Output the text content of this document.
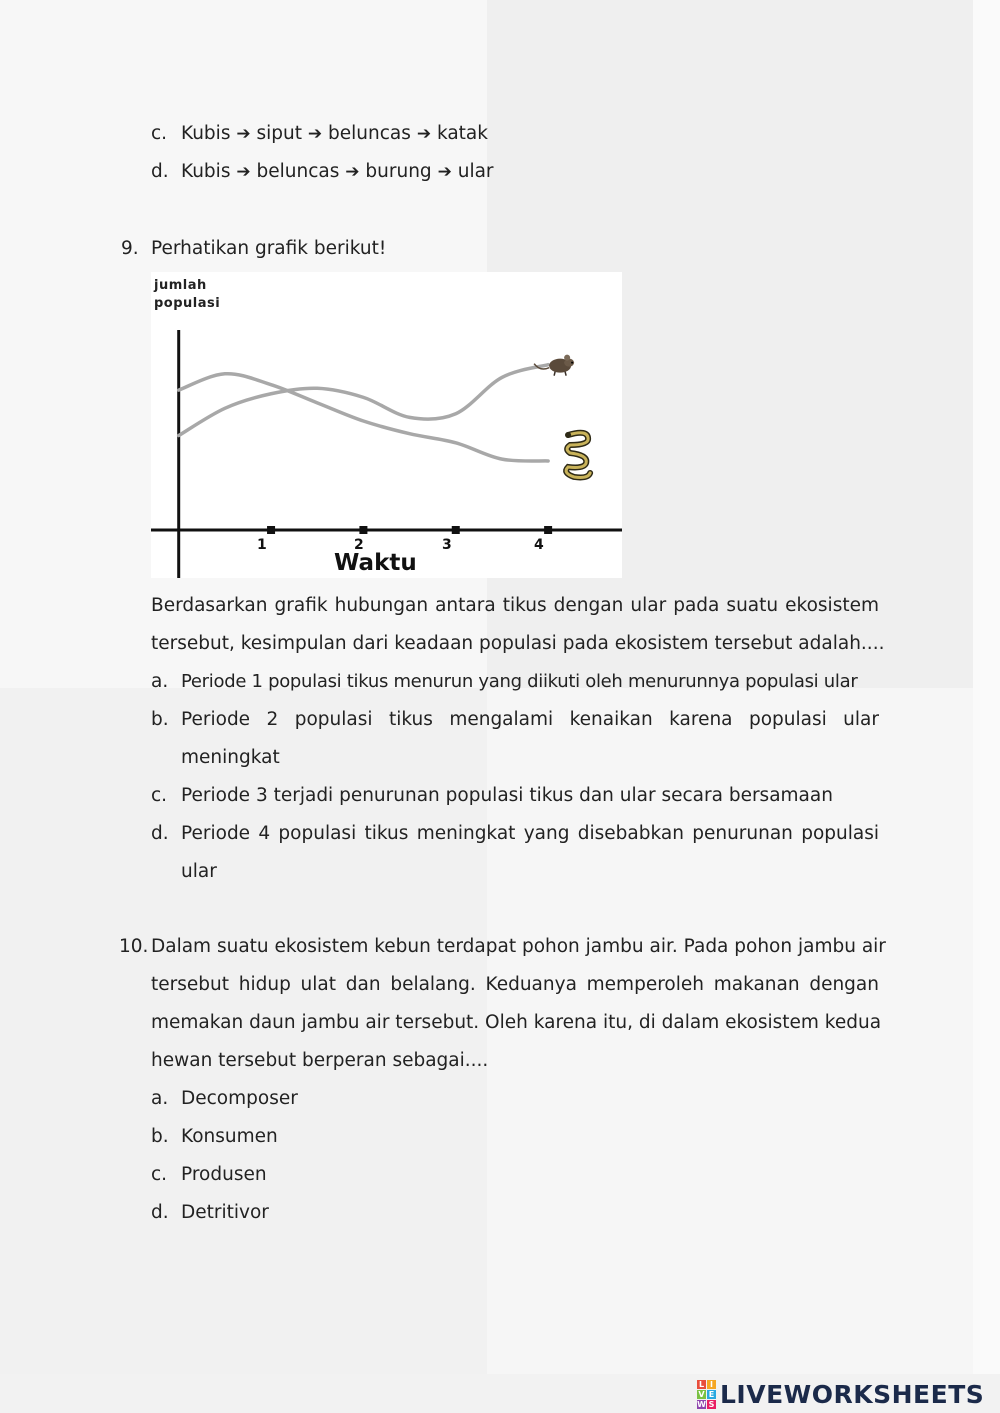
c. Kubis ➔ siput ➔ beluncas ➔ katak
d. Kubis ➔ beluncas ➔ burung ➔ ular
9. Perhatikan grafik berikut!
jumlah
populasi
1	2	3	4
Waktu
Berdasarkan grafik hubungan antara tikus dengan ular pada suatu ekosistem
tersebut, kesimpulan dari keadaan populasi pada ekosistem tersebut adalah....
a. Periode 1 populasi tikus menurun yang diikuti oleh menurunnya populasi ular
b. Periode 2 populasi tikus mengalami kenaikan karena populasi ular
meningkat
c. Periode 3 terjadi penurunan populasi tikus dan ular secara bersamaan
d. Periode 4 populasi tikus meningkat yang disebabkan penurunan populasi
ular
10. Dalam suatu ekosistem kebun terdapat pohon jambu air. Pada pohon jambu air
tersebut hidup ulat dan belalang. Keduanya memperoleh makanan dengan
memakan daun jambu air tersebut. Oleh karena itu, di dalam ekosistem kedua
hewan tersebut berperan sebagai....
a. Decomposer
b. Konsumen
c. Produsen
d. Detritivor
L I
V E
W S LIVEWORKSHEETS
